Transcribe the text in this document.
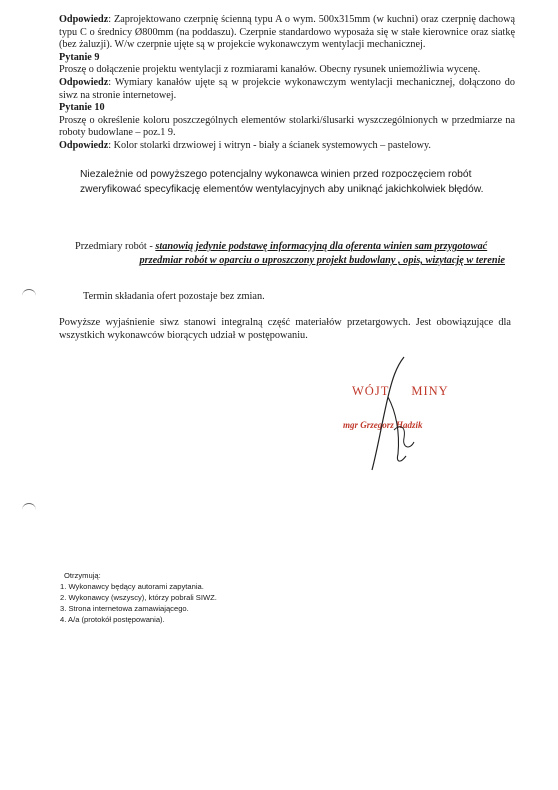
Odpowiedz: Zaprojektowano czerpnię ścienną typu A o wym. 500x315mm (w kuchni) oraz czerpnię dachową typu C o średnicy Ø800mm (na poddaszu). Czerpnie standardowo wyposaża się w stałe kierownice oraz siatkę (bez żaluzji). W/w czerpnie ujęte są w projekcie wykonawczym wentylacji mechanicznej.

Pytanie 9

Proszę o dołączenie projektu wentylacji z rozmiarami kanałów. Obecny rysunek uniemożliwia wycenę.

Odpowiedz: Wymiary kanałów ujęte są w projekcie wykonawczym wentylacji mechanicznej, dołączono do siwz na stronie internetowej.

Pytanie 10

Proszę o określenie koloru poszczególnych elementów stolarki/ślusarki wyszczególnionych w przedmiarze na roboty budowlane – poz.1 9.

Odpowiedz: Kolor stolarki drzwiowej i witryn - biały a ścianek systemowych – pastelowy.

Niezależnie od powyższego potencjalny wykonawca winien przed rozpoczęciem robót zweryfikować specyfikację elementów wentylacyjnych aby uniknąć jakichkolwiek błędów.
Przedmiary robót - stanowią jedynie podstawę informacyjną dla oferenta winien sam przygotować
przedmiar robót w oparciu o uproszczony projekt budowlany , opis, wizytację w terenie
Termin składania ofert pozostaje bez zmian.
Powyższe wyjaśnienie siwz stanowi integralną część materiałów przetargowych. Jest obowiązujące dla wszystkich wykonawców biorących udział w postępowaniu.
WÓJT MINY
mgr Grzegorz Hadzik
Otrzymują:
1. Wykonawcy będący autorami zapytania.
2. Wykonawcy (wszyscy), którzy pobrali SIWZ.
3. Strona internetowa zamawiającego.
4. A/a (protokół postępowania).
